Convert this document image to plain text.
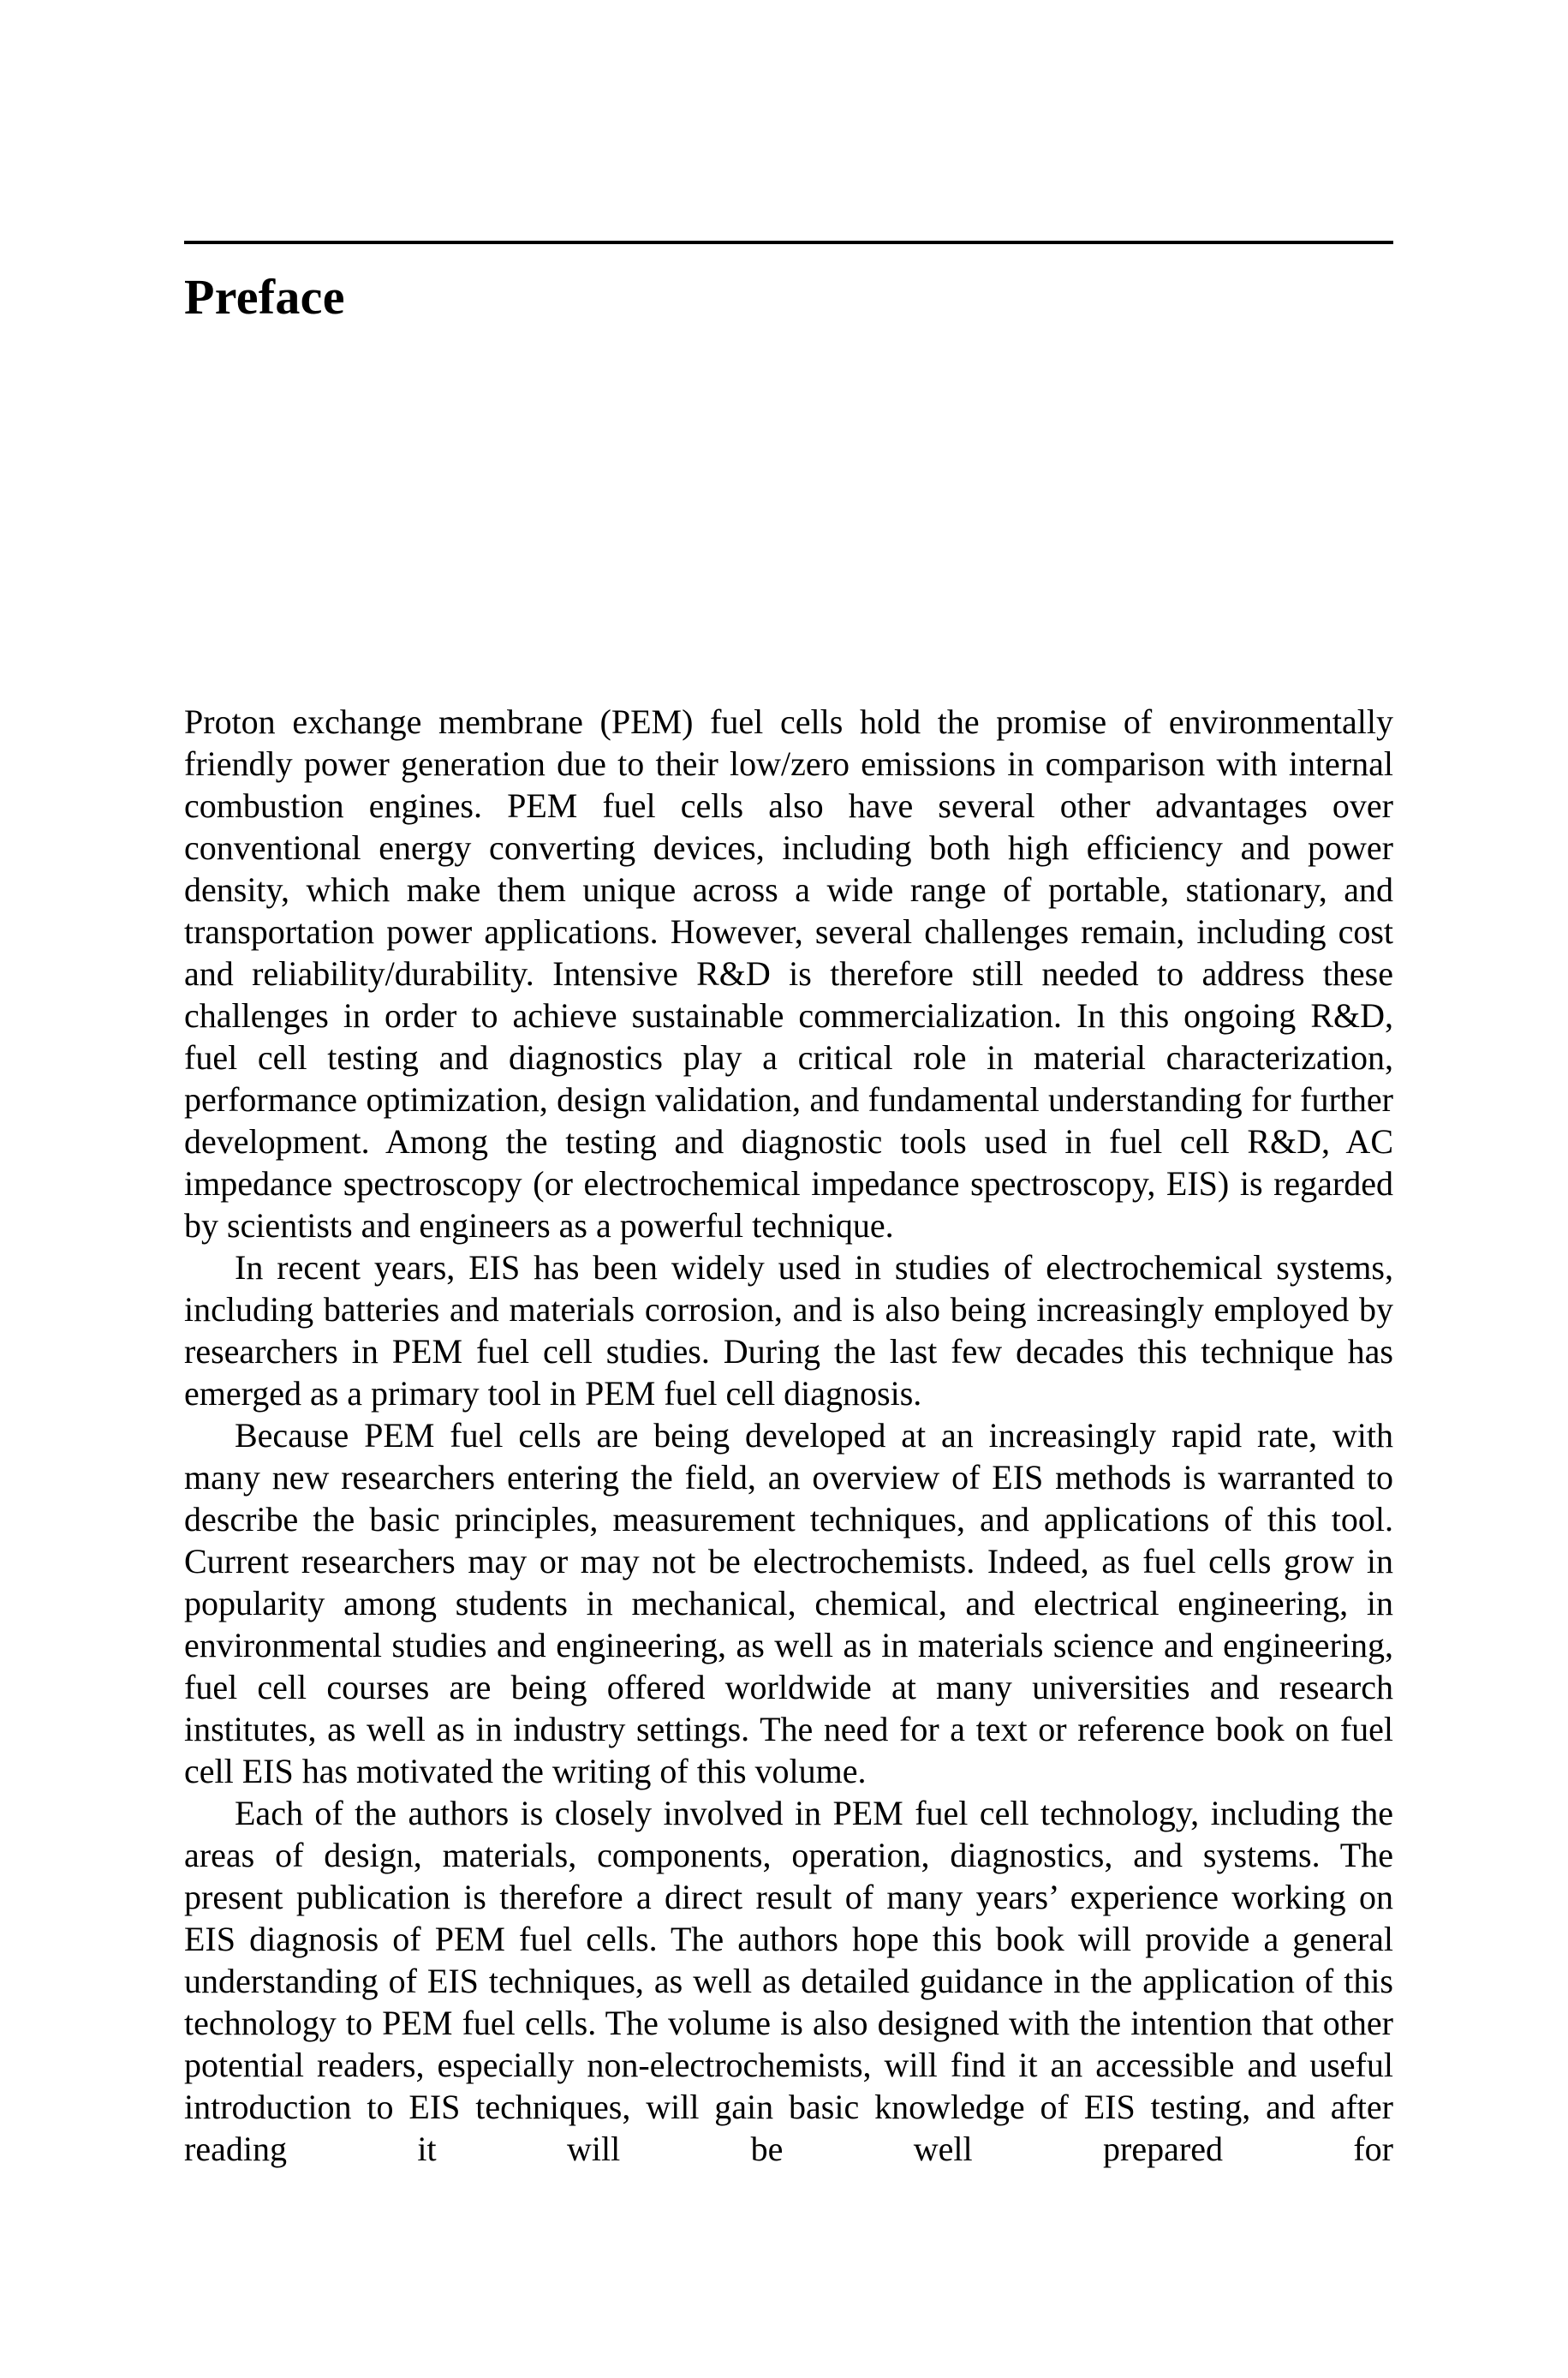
Preface

Proton exchange membrane (PEM) fuel cells hold the promise of environmentally friendly power generation due to their low/zero emissions in comparison with internal combustion engines. PEM fuel cells also have several other advantages over conventional energy converting devices, including both high efficiency and power density, which make them unique across a wide range of portable, stationary, and transportation power applications. However, several challenges remain, including cost and reliability/durability. Intensive R&D is therefore still needed to address these challenges in order to achieve sustainable commercialization. In this ongoing R&D, fuel cell testing and diagnostics play a critical role in material characterization, performance optimization, design validation, and fundamental understanding for further development. Among the testing and diagnostic tools used in fuel cell R&D, AC impedance spectroscopy (or electrochemical impedance spectroscopy, EIS) is regarded by scientists and engineers as a powerful technique.

In recent years, EIS has been widely used in studies of electrochemical systems, including batteries and materials corrosion, and is also being increasingly employed by researchers in PEM fuel cell studies. During the last few decades this technique has emerged as a primary tool in PEM fuel cell diagnosis.

Because PEM fuel cells are being developed at an increasingly rapid rate, with many new researchers entering the field, an overview of EIS methods is warranted to describe the basic principles, measurement techniques, and applications of this tool. Current researchers may or may not be electrochemists. Indeed, as fuel cells grow in popularity among students in mechanical, chemical, and electrical engineering, in environmental studies and engineering, as well as in materials science and engineering, fuel cell courses are being offered worldwide at many universities and research institutes, as well as in industry settings. The need for a text or reference book on fuel cell EIS has motivated the writing of this volume.

Each of the authors is closely involved in PEM fuel cell technology, including the areas of design, materials, components, operation, diagnostics, and systems. The present publication is therefore a direct result of many years’ experience working on EIS diagnosis of PEM fuel cells. The authors hope this book will provide a general understanding of EIS techniques, as well as detailed guidance in the application of this technology to PEM fuel cells. The volume is also designed with the intention that other potential readers, especially non-electrochemists, will find it an accessible and useful introduction to EIS techniques, will gain basic knowledge of EIS testing, and after reading it will be well prepared for
